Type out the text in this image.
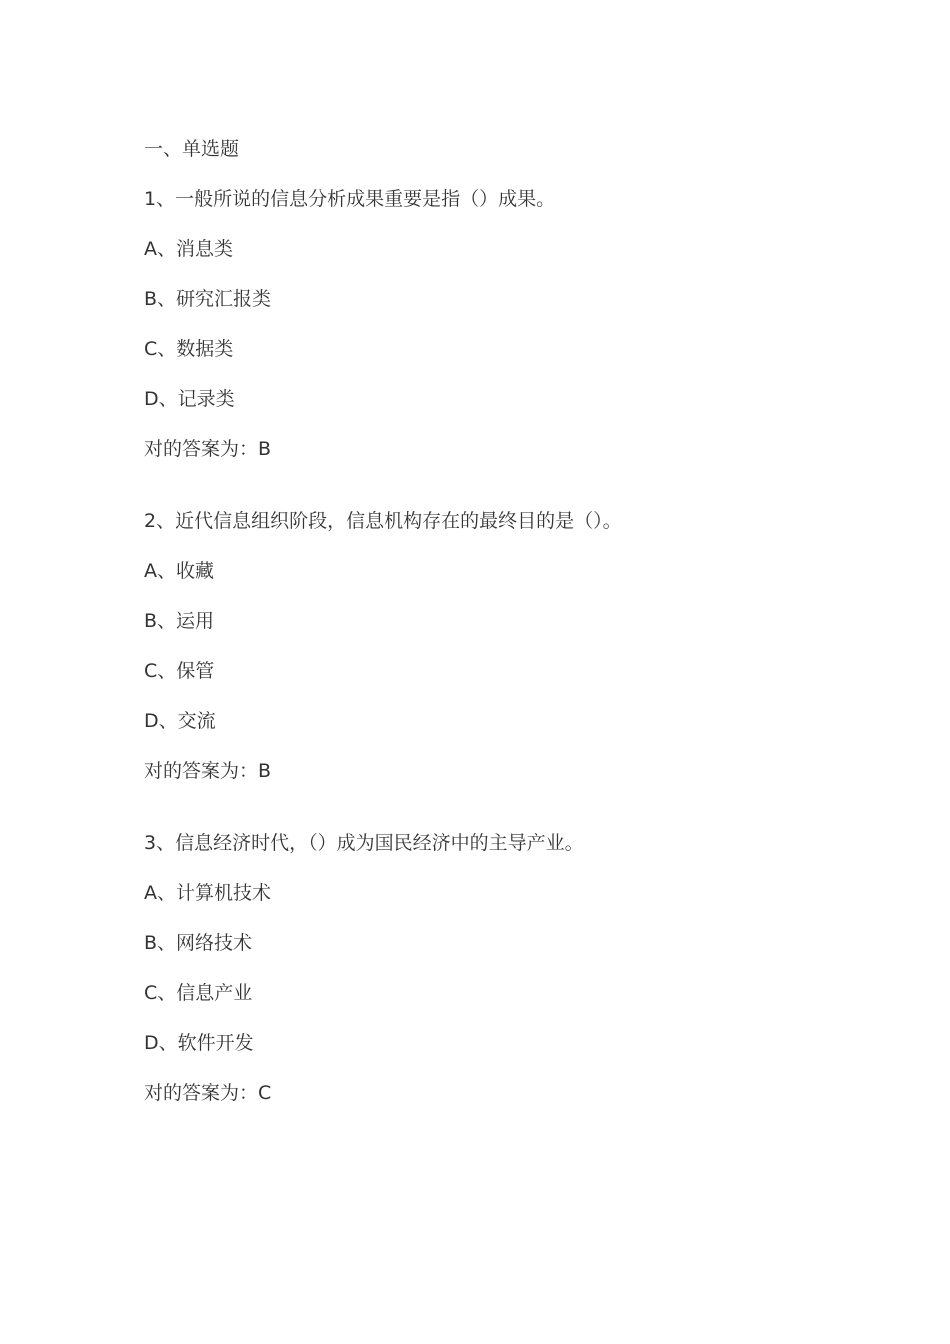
一、单选题
1、一般所说的信息分析成果重要是指（）成果。
A、消息类
B、研究汇报类
C、数据类
D、记录类
对的答案为：B
2、近代信息组织阶段，信息机构存在的最终目的是（）。
A、收藏
B、运用
C、保管
D、交流
对的答案为：B
3、信息经济时代，（）成为国民经济中的主导产业。
A、计算机技术
B、网络技术
C、信息产业
D、软件开发
对的答案为：C
